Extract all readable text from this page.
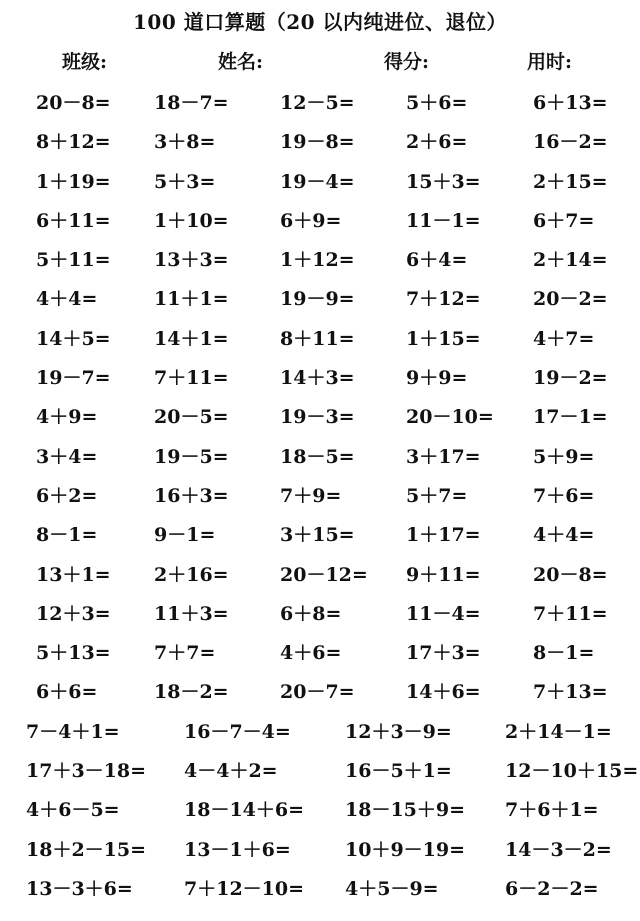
100 道口算题（20 以内纯进位、退位）
班级:	姓名:	得分:	用时:
20－8= 18－7=	12－5=	5＋6=	6＋13=
8＋12= 3＋8=	19－8=	2＋6=	16－2=
1＋19= 5＋3=	19－4=	15＋3=	2＋15=
6＋11= 1＋10=	6＋9=	11－1=	6＋7=
5＋11= 13＋3=	1＋12=	6＋4=	2＋14=
4＋4=	11＋1=	19－9=	7＋12=	20－2=
14＋5= 14＋1=	8＋11=	1＋15=	4＋7=
19－7= 7＋11=	14＋3=	9＋9=	19－2=
4＋9=	20－5=	19－3=	20－10= 17－1=
3＋4=	19－5=	18－5=	3＋17=	5＋9=
6＋2=	16＋3=	7＋9=	5＋7=	7＋6=
8－1=	9－1=	3＋15=	1＋17=	4＋4=
13＋1= 2＋16=	20－12= 9＋11=	20－8=
12＋3= 11＋3=	6＋8=	11－4=	7＋11=
5＋13= 7＋7=	4＋6=	17＋3=	8－1=
6＋6=	18－2=	20－7=	14＋6=	7＋13=
7－4＋1=	16－7－4=	12＋3－9=	2＋14－1=
17＋3－18= 4－4＋2=	16－5＋1=	12－10＋15=
4＋6－5=	18－14＋6= 18－15＋9= 7＋6＋1=
18＋2－15= 13－1＋6=	10＋9－19= 14－3－2=
13－3＋6=	7＋12－10= 4＋5－9=	6－2－2=
